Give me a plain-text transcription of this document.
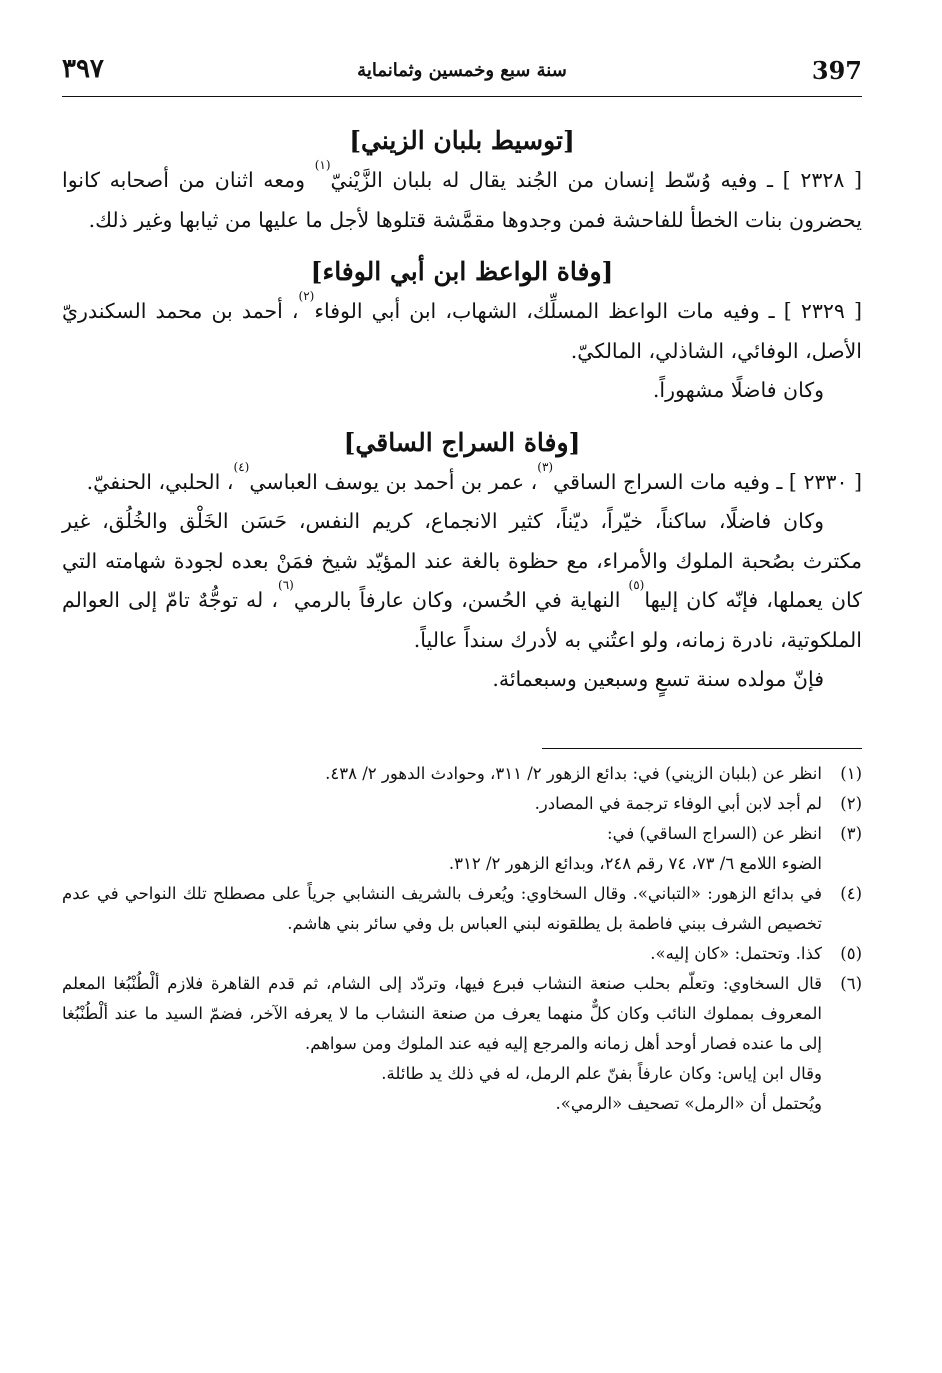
397
سنة سبع وخمسين وثمانماية
٣٩٧
[توسيط بلبان الزيني]

[ ٢٣٢٨ ] ـ وفيه وُسّط إنسان من الجُند يقال له بلبان الزَّيْنيّ$^{(١)}$ ومعه اثنان من أصحابه كانوا يحضرون بنات الخطأ للفاحشة فمن وجدوها مقمَّشة قتلوها لأجل ما عليها من ثيابها وغير ذلك.

[وفاة الواعظ ابن أبي الوفاء]

[ ٢٣٢٩ ] ـ وفيه مات الواعظ المسلِّك، الشهاب، ابن أبي الوفاء$^{(٢)}$، أحمد بن محمد السكندريّ الأصل، الوفائي، الشاذلي، المالكيّ.

وكان فاضلًا مشهوراً.

[وفاة السراج الساقي]

[ ٢٣٣٠ ] ـ وفيه مات السراج الساقي$^{(٣)}$، عمر بن أحمد بن يوسف العباسي$^{(٤)}$، الحلبي، الحنفيّ.

وكان فاضلًا، ساكناً، خيّراً، ديّناً، كثير الانجماع، كريم النفس، حَسَن الخَلْق والخُلُق، غير مكترث بصُحبة الملوك والأمراء، مع حظوة بالغة عند المؤيّد شيخ فمَنْ بعده لجودة شهامته التي كان يعملها، فإنّه كان إليها$^{(٥)}$ النهاية في الحُسن، وكان عارفاً بالرمي$^{(٦)}$، له توجُّهٌ تامّ إلى العوالم الملكوتية، نادرة زمانه، ولو اعتُني به لأدرك سنداً عالياً.

فإنّ مولده سنة تسعٍ وسبعين وسبعمائة.

(١)
انظر عن (بلبان الزيني) في: بدائع الزهور ٢/ ٣١١، وحوادث الدهور ٢/ ٤٣٨.
(٢)
لم أجد لابن أبي الوفاء ترجمة في المصادر.
(٣)
انظر عن (السراج الساقي) في:
الضوء اللامع ٦/ ٧٣، ٧٤ رقم ٢٤٨، وبدائع الزهور ٢/ ٣١٢.
(٤)
في بدائع الزهور: «التباني». وقال السخاوي: ويُعرف بالشريف النشابي جرياً على مصطلح تلك النواحي في عدم تخصيص الشرف ببني فاطمة بل يطلقونه لبني العباس بل وفي سائر بني هاشم.
(٥)
كذا. وتحتمل: «كان إليه».
(٦)
قال السخاوي: وتعلّم بحلب صنعة النشاب فبرع فيها، وتردّد إلى الشام، ثم قدم القاهرة فلازم ألْطُنْبُغا المعلم المعروف بمملوك النائب وكان كلٌّ منهما يعرف من صنعة النشاب ما لا يعرفه الآخر، فضمّ السيد ما عند ألْطُنْبُغا إلى ما عنده فصار أوحد أهل زمانه والمرجع إليه فيه عند الملوك ومن سواهم.
وقال ابن إياس: وكان عارفاً بفنّ علم الرمل، له في ذلك يد طائلة.
ويُحتمل أن «الرمل» تصحيف «الرمي».
